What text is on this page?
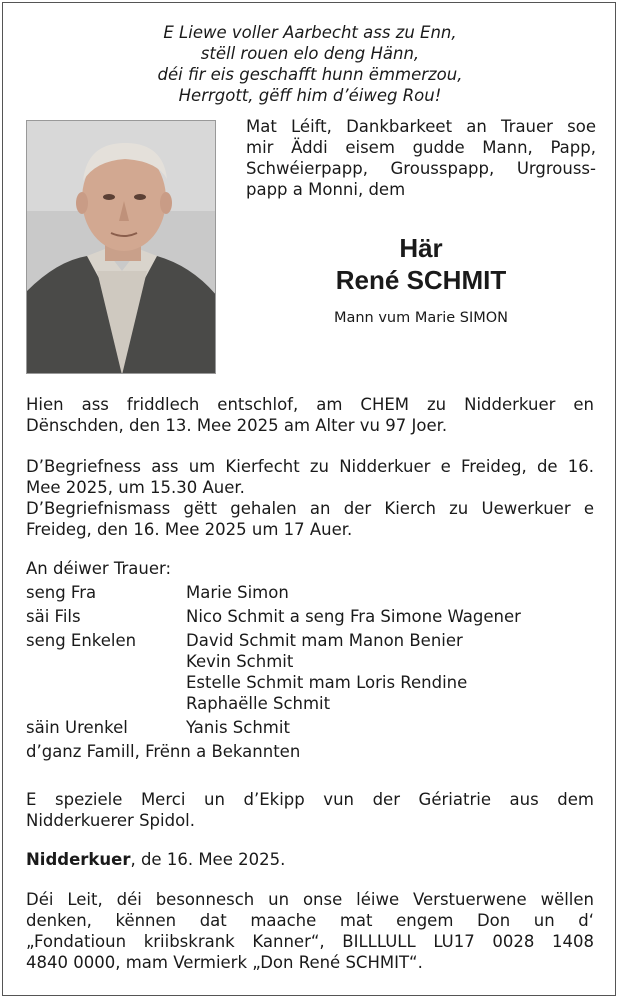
E Liewe voller Aarbecht ass zu Enn,
stëll rouen elo deng Hänn,
déi fir eis geschafft hunn ëmmerzou,
Herrgott, gëff him d’éiweg Rou!
Mat Léift, Dankbarkeet an Trauer soe
mir Äddi eisem gudde Mann, Papp,
Schwéierpapp, Grousspapp, Urgrouss-
papp a Monni, dem
Här
René SCHMIT
Mann vum Marie SIMON
Hien ass friddlech entschlof, am CHEM zu Nidderkuer en
Dënschden, den 13. Mee 2025 am Alter vu 97 Joer.
D’Begriefness ass um Kierfecht zu Nidderkuer e Freideg, de 16.
Mee 2025, um 15.30 Auer.
D’Begriefnismass gëtt gehalen an der Kierch zu Uewerkuer e
Freideg, den 16. Mee 2025 um 17 Auer.
An déiwer Trauer:
seng Fra	Marie Simon
säi Fils	Nico Schmit a seng Fra Simone Wagener
seng Enkelen	David Schmit mam Manon Benier
Kevin Schmit
Estelle Schmit mam Loris Rendine
Raphaëlle Schmit
säin Urenkel	Yanis Schmit
d’ganz Famill, Frënn a Bekannten
E speziele Merci un d’Ekipp vun der Gériatrie aus dem
Nidderkuerer Spidol.
Nidderkuer, de 16. Mee 2025.
Déi Leit, déi besonnesch un onse léiwe Verstuerwene wëllen
denken, kënnen dat maache mat engem Don un d‘
„Fondatioun kriibskrank Kanner“, BILLLULL LU17 0028 1408
4840 0000, mam Vermierk „Don René SCHMIT“.
